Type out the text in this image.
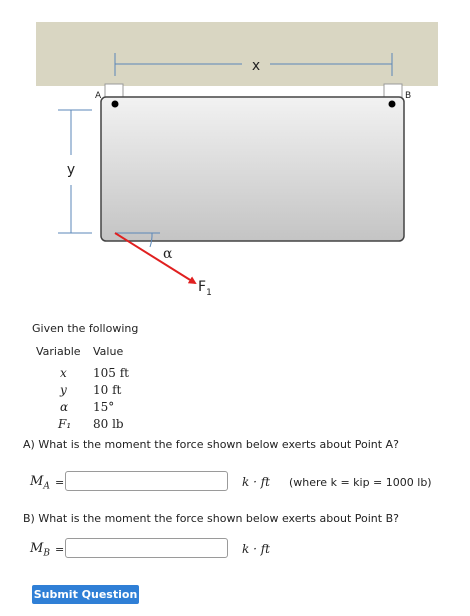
x
y
A	B
α
$F_1$
Given the following
Variable Value
x 105 ft
y 10 ft
α 15°
F₁ 80 lb
A) What is the moment the force shown below exerts about Point A?
$M_A$ =	k · ft (where k = kip = 1000 lb)
B) What is the moment the force shown below exerts about Point B?
$M_B$ =	k · ft
Submit Question
